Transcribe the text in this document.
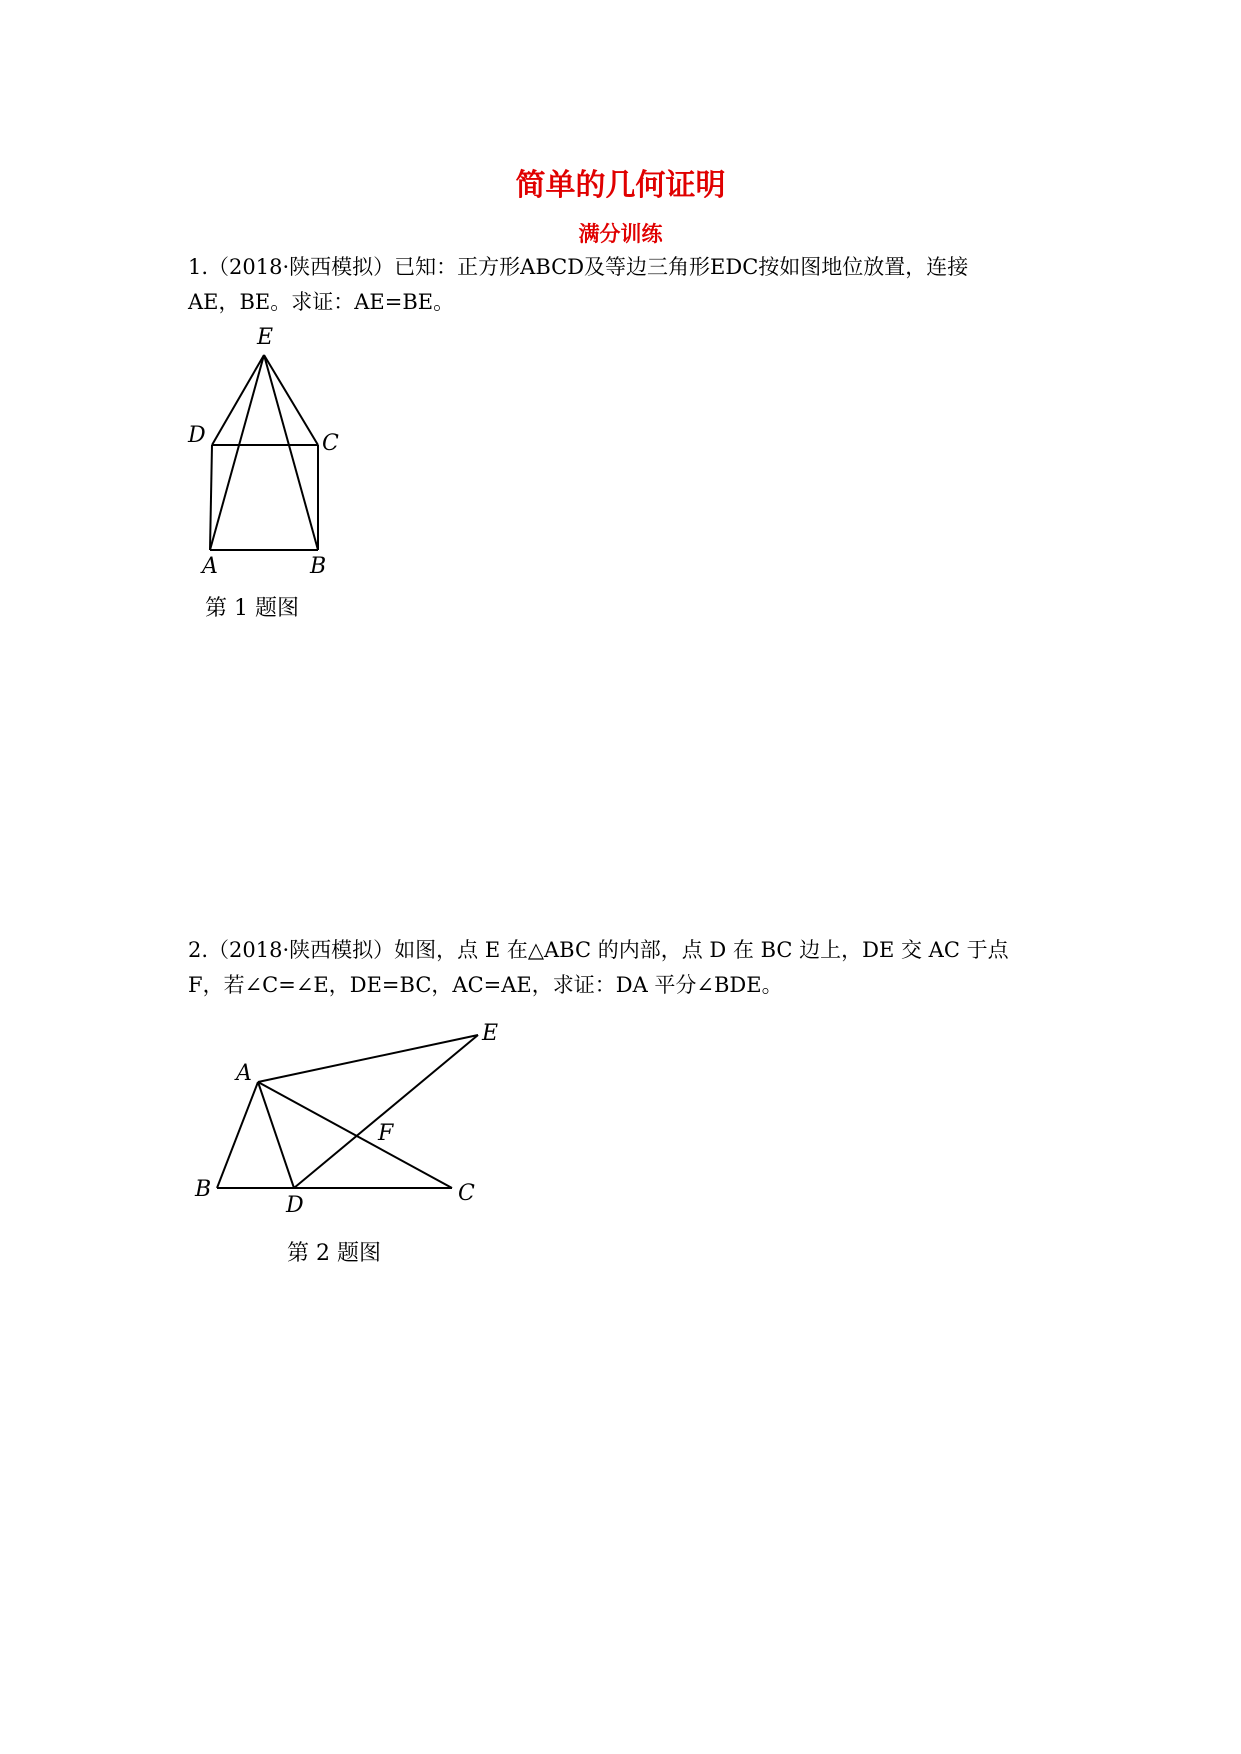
简单的几何证明
满分训练
1.（2018·陕西模拟）已知：正方形ABCD及等边三角形EDC按如图地位放置，连接
AE，BE。求证：AE=BE。
E
D	C
A	B
第 1 题图
2.（2018·陕西模拟）如图，点 E 在△ABC 的内部，点 D 在 BC 边上，DE 交 AC 于点
F，若∠C=∠E，DE=BC，AC=AE，求证：DA 平分∠BDE。
A
E
F
B
D	C
第 2 题图
